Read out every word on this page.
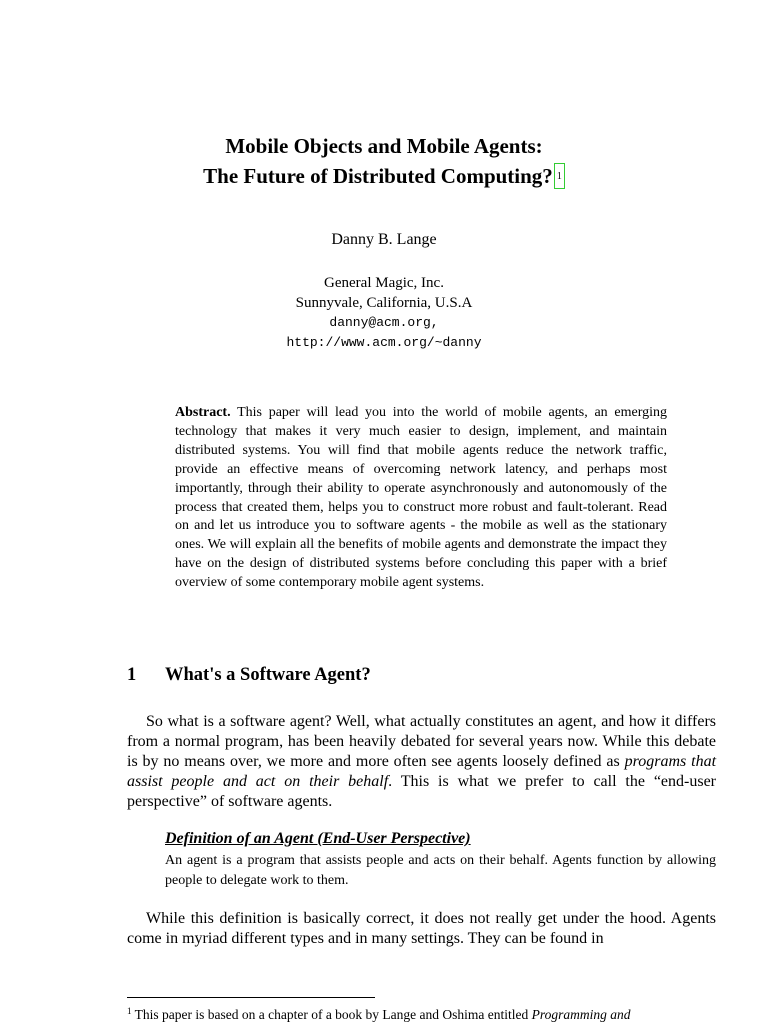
Mobile Objects and Mobile Agents:
The Future of Distributed Computing? 1
Danny B. Lange
General Magic, Inc.
Sunnyvale, California, U.S.A
danny@acm.org,
http://www.acm.org/~danny
Abstract. This paper will lead you into the world of mobile agents, an emerging technology that makes it very much easier to design, implement, and maintain distributed systems. You will find that mobile agents reduce the network traffic, provide an effective means of overcoming network latency, and perhaps most importantly, through their ability to operate asynchronously and autonomously of the process that created them, helps you to construct more robust and fault-tolerant. Read on and let us introduce you to software agents - the mobile as well as the stationary ones. We will explain all the benefits of mobile agents and demonstrate the impact they have on the design of distributed systems before concluding this paper with a brief overview of some contemporary mobile agent systems.
1 What's a Software Agent?
So what is a software agent? Well, what actually constitutes an agent, and how it differs from a normal program, has been heavily debated for several years now. While this debate is by no means over, we more and more often see agents loosely defined as programs that assist people and act on their behalf. This is what we prefer to call the “end-user perspective” of software agents.
Definition of an Agent (End-User Perspective)
An agent is a program that assists people and acts on their behalf. Agents function by allowing people to delegate work to them.
While this definition is basically correct, it does not really get under the hood. Agents come in myriad different types and in many settings. They can be found in
$^1$ This paper is based on a chapter of a book by Lange and Oshima entitled Programming and
